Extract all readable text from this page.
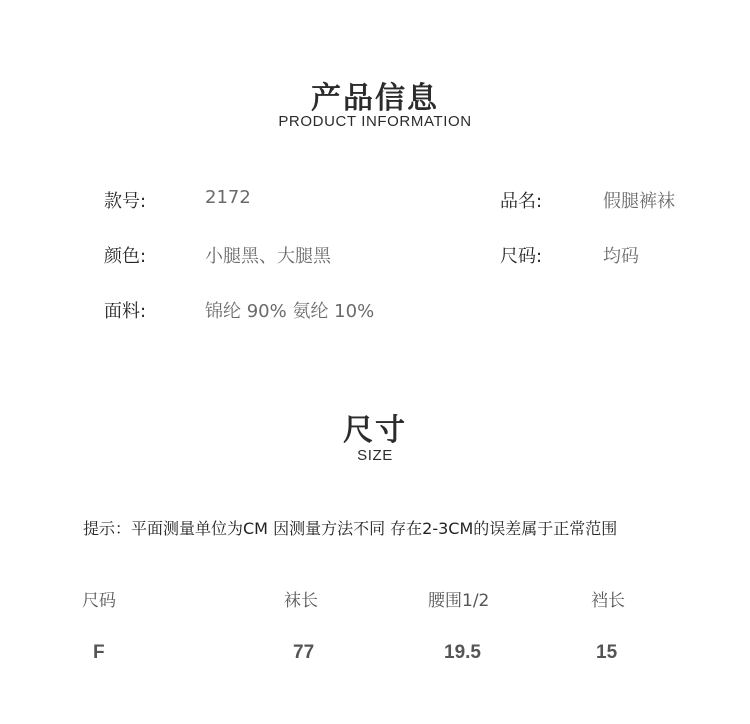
产品信息
PRODUCT INFORMATION
款号:	2172	品名:	假腿裤袜
颜色:	小腿黑、大腿黑	尺码:	均码
面料:	锦纶 90% 氨纶 10%
尺寸
SIZE
提示：平面测量单位为CM 因测量方法不同 存在2-3CM的误差属于正常范围
尺码	袜长	腰围1/2	裆长
F	77	19.5	15
